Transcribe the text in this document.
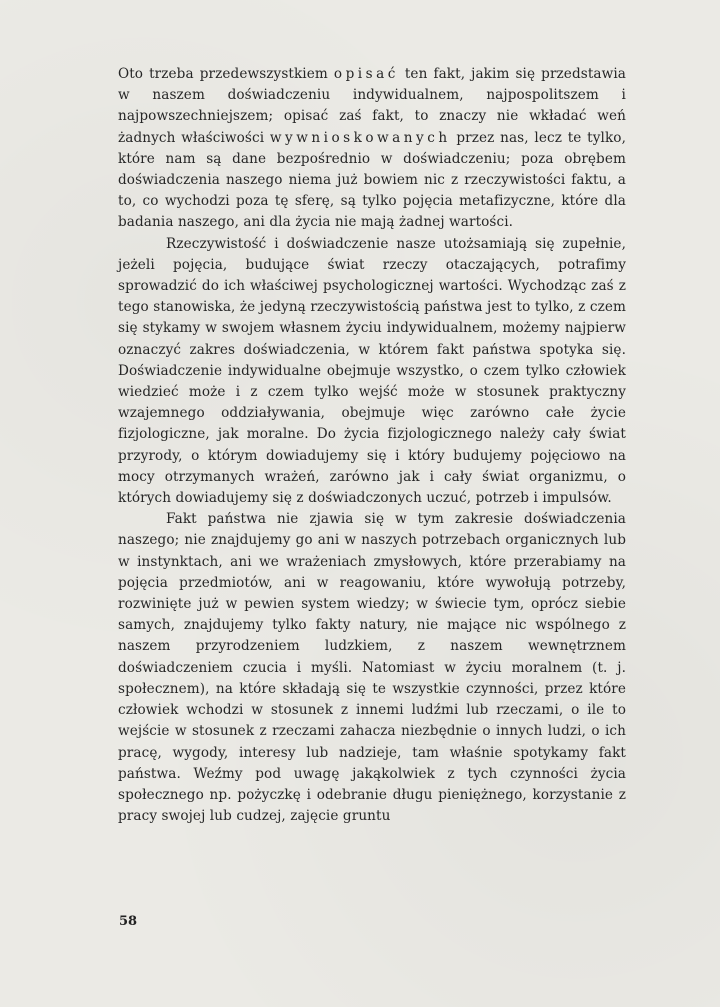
Oto trzeba przedewszystkiem opisać ten fakt, jakim się przedstawia w naszem doświadczeniu indywidualnem, najpospolitszem i najpowszechniejszem; opisać zaś fakt, to znaczy nie wkładać weń żadnych właściwości wywnioskowanych przez nas, lecz te tylko, które nam są dane bezpośrednio w doświadczeniu; poza obrębem doświadczenia naszego niema już bowiem nic z rzeczywistości faktu, a to, co wychodzi poza tę sferę, są tylko pojęcia metafizyczne, które dla badania naszego, ani dla życia nie mają żadnej wartości.

Rzeczywistość i doświadczenie nasze utożsamiają się zupełnie, jeżeli pojęcia, budujące świat rzeczy otaczających, potrafimy sprowadzić do ich właściwej psychologicznej wartości. Wychodząc zaś z tego stanowiska, że jedyną rzeczywistością państwa jest to tylko, z czem się stykamy w swojem własnem życiu indywidualnem, możemy najpierw oznaczyć zakres doświadczenia, w którem fakt państwa spotyka się. Doświadczenie indywidualne obejmuje wszystko, o czem tylko człowiek wiedzieć może i z czem tylko wejść może w stosunek praktyczny wzajemnego oddziaływania, obejmuje więc zarówno całe życie fizjologiczne, jak moralne. Do życia fizjologicznego należy cały świat przyrody, o którym dowiadujemy się i który budujemy pojęciowo na mocy otrzymanych wrażeń, zarówno jak i cały świat organizmu, o których dowiadujemy się z doświadczonych uczuć, potrzeb i impulsów.

Fakt państwa nie zjawia się w tym zakresie doświadczenia naszego; nie znajdujemy go ani w naszych potrzebach organicznych lub w instynktach, ani we wrażeniach zmysłowych, które przerabiamy na pojęcia przedmiotów, ani w reagowaniu, które wywołują potrzeby, rozwinięte już w pewien system wiedzy; w świecie tym, oprócz siebie samych, znajdujemy tylko fakty natury, nie mające nic wspólnego z naszem przyrodzeniem ludzkiem, z naszem wewnętrznem doświadczeniem czucia i myśli. Natomiast w życiu moralnem (t. j. społecznem), na które składają się te wszystkie czynności, przez które człowiek wchodzi w stosunek z innemi ludźmi lub rzeczami, o ile to wejście w stosunek z rzeczami zahacza niezbędnie o innych ludzi, o ich pracę, wygody, interesy lub nadzieje, tam właśnie spotykamy fakt państwa. Weźmy pod uwagę jakąkolwiek z tych czynności życia społecznego np. pożyczkę i odebranie długu pieniężnego, korzystanie z pracy swojej lub cudzej, zajęcie gruntu

58
